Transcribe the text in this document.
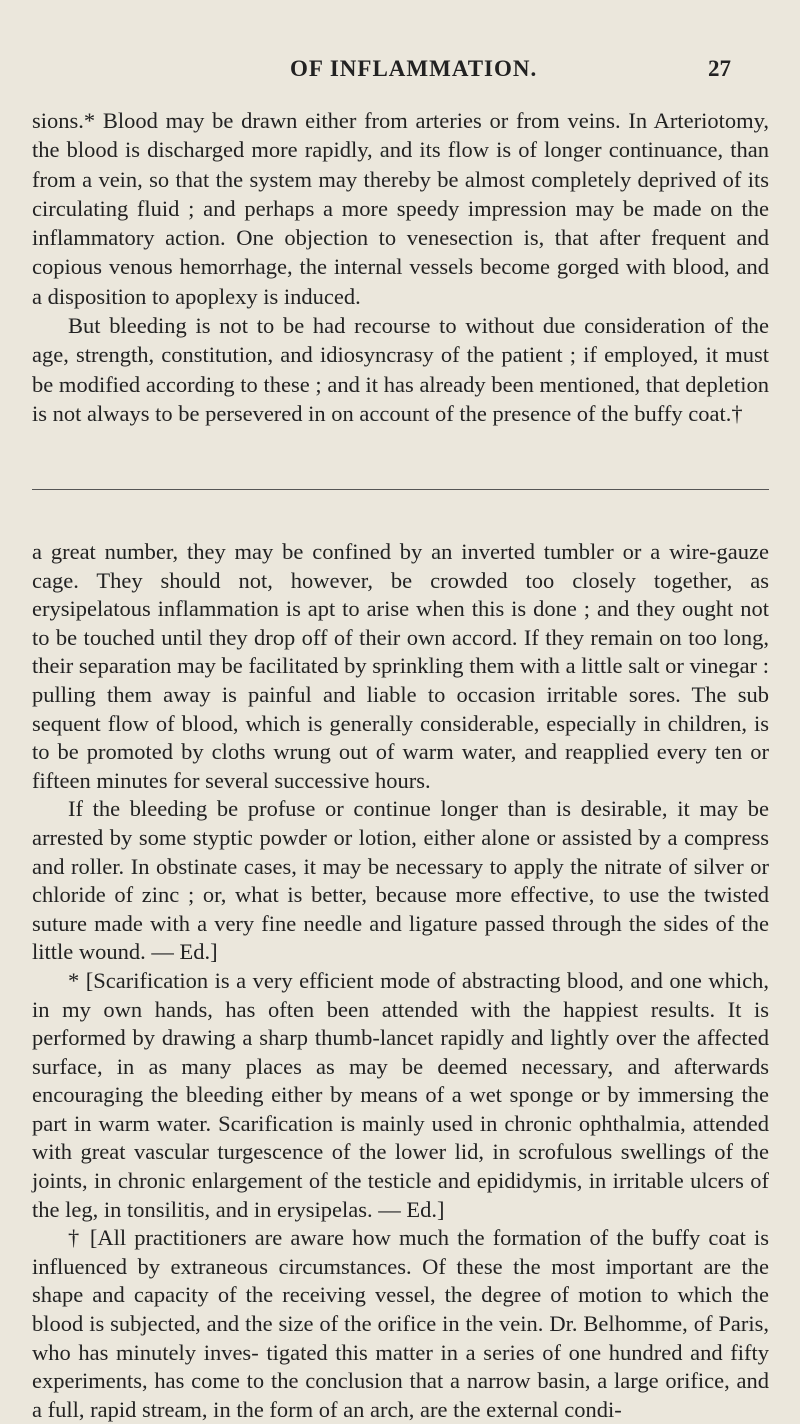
OF INFLAMMATION.	27

sions.* Blood may be drawn either from arteries or from veins. In Arteriotomy, the blood is discharged more rapidly, and its flow is of longer continuance, than from a vein, so that the system may thereby be almost completely deprived of its circulating fluid ; and perhaps a more speedy impression may be made on the inflammatory action. One objection to venesection is, that after frequent and copious venous hemorrhage, the internal vessels become gorged with blood, and a disposition to apoplexy is induced.

But bleeding is not to be had recourse to without due consideration of the age, strength, constitution, and idiosyncrasy of the patient ; if employed, it must be modified according to these ; and it has already been mentioned, that depletion is not always to be persevered in on account of the presence of the buffy coat.†

a great number, they may be confined by an inverted tumbler or a wire-gauze cage. They should not, however, be crowded too closely together, as erysipelatous inflammation is apt to arise when this is done ; and they ought not to be touched until they drop off of their own accord. If they remain on too long, their separation may be facilitated by sprinkling them with a little salt or vinegar : pulling them away is painful and liable to occasion irritable sores. The sub sequent flow of blood, which is generally considerable, especially in children, is to be promoted by cloths wrung out of warm water, and reapplied every ten or fifteen minutes for several successive hours.

If the bleeding be profuse or continue longer than is desirable, it may be arrested by some styptic powder or lotion, either alone or assisted by a compress and roller. In obstinate cases, it may be necessary to apply the nitrate of silver or chloride of zinc ; or, what is better, because more effective, to use the twisted suture made with a very fine needle and ligature passed through the sides of the little wound. — Ed.]

* [Scarification is a very efficient mode of abstracting blood, and one which, in my own hands, has often been attended with the happiest results. It is performed by drawing a sharp thumb-lancet rapidly and lightly over the affected surface, in as many places as may be deemed necessary, and afterwards encouraging the bleeding either by means of a wet sponge or by immersing the part in warm water. Scarification is mainly used in chronic ophthalmia, attended with great vascular turgescence of the lower lid, in scrofulous swellings of the joints, in chronic enlargement of the testicle and epididymis, in irritable ulcers of the leg, in tonsilitis, and in erysipelas. — Ed.]

† [All practitioners are aware how much the formation of the buffy coat is influenced by extraneous circumstances. Of these the most important are the shape and capacity of the receiving vessel, the degree of motion to which the blood is subjected, and the size of the orifice in the vein. Dr. Belhomme, of Paris, who has minutely inves- tigated this matter in a series of one hundred and fifty experiments, has come to the conclusion that a narrow basin, a large orifice, and a full, rapid stream, in the form of an arch, are the external condi-
